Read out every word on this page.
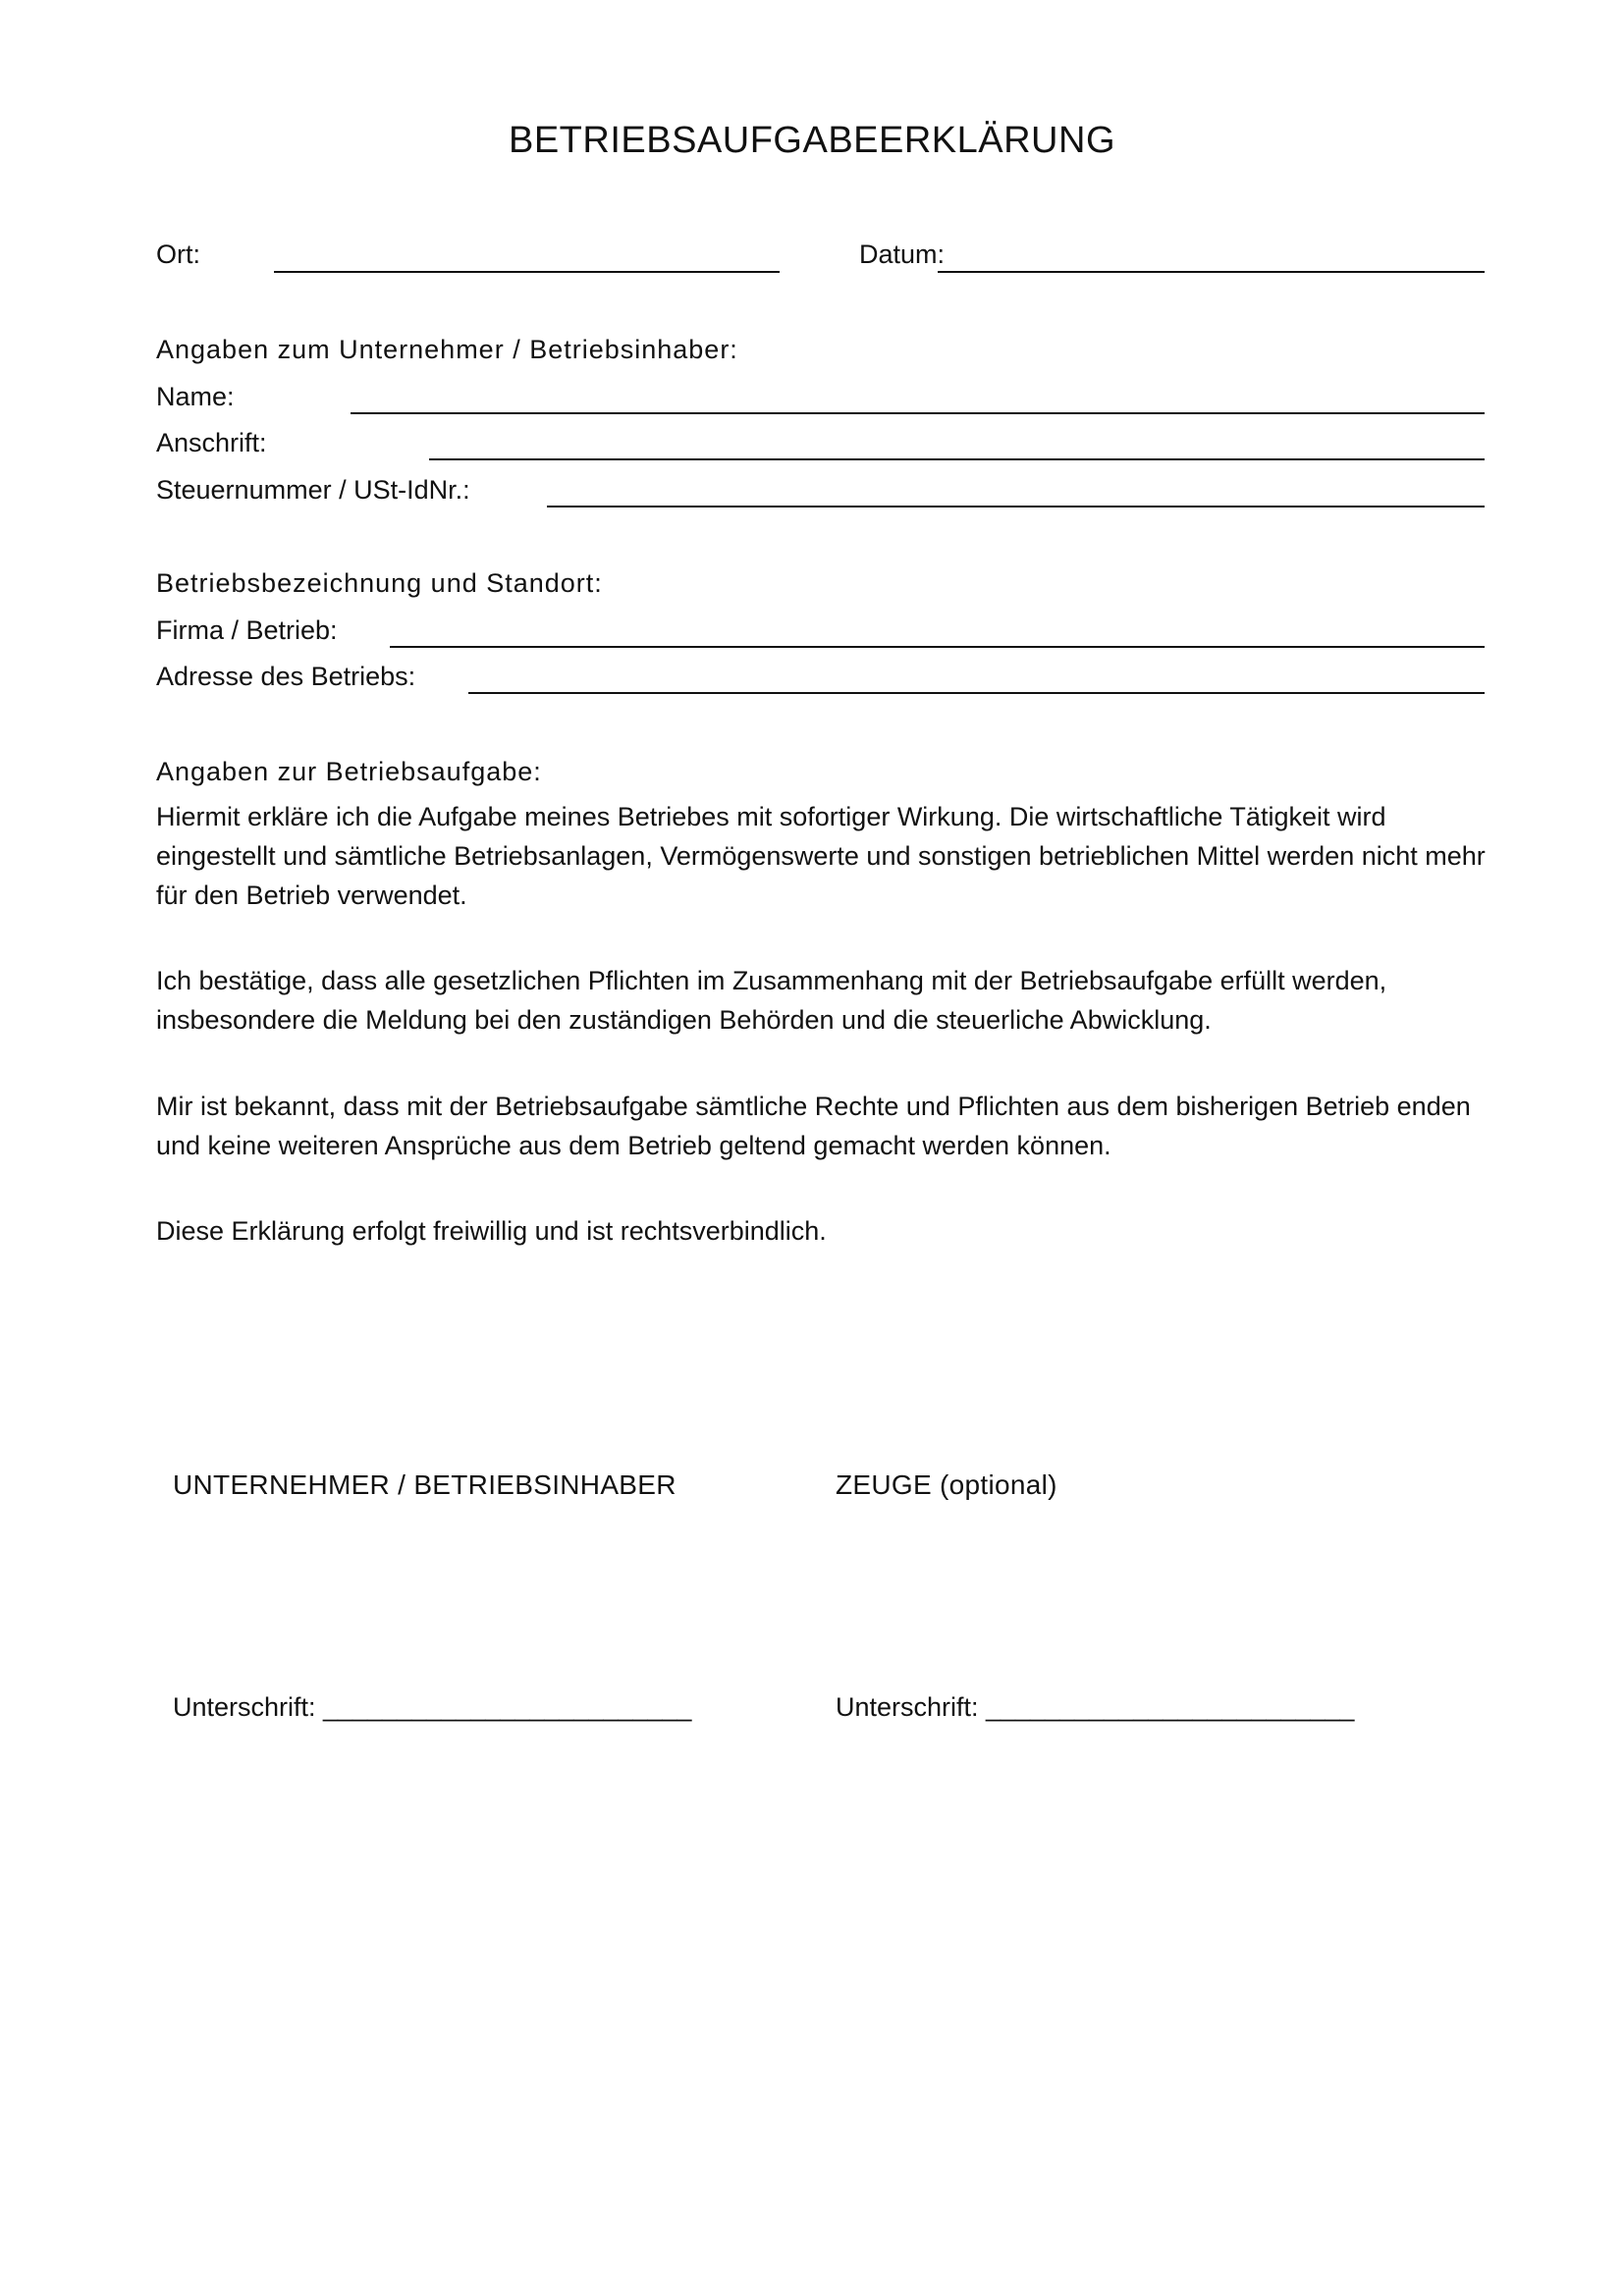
BETRIEBSAUFGABEERKLÄRUNG
Ort:	Datum:
Angaben zum Unternehmer / Betriebsinhaber:
Name:
Anschrift:
Steuernummer / USt-IdNr.:
Betriebsbezeichnung und Standort:
Firma / Betrieb:
Adresse des Betriebs:
Angaben zur Betriebsaufgabe:
Hiermit erkläre ich die Aufgabe meines Betriebes mit sofortiger Wirkung. Die wirtschaftliche Tätigkeit wird eingestellt und sämtliche Betriebsanlagen, Vermögenswerte und sonstigen betrieblichen Mittel werden nicht mehr für den Betrieb verwendet.
Ich bestätige, dass alle gesetzlichen Pflichten im Zusammenhang mit der Betriebsaufgabe erfüllt werden, insbesondere die Meldung bei den zuständigen Behörden und die steuerliche Abwicklung.
Mir ist bekannt, dass mit der Betriebsaufgabe sämtliche Rechte und Pflichten aus dem bisherigen Betrieb enden und keine weiteren Ansprüche aus dem Betrieb geltend gemacht werden können.
Diese Erklärung erfolgt freiwillig und ist rechtsverbindlich.
UNTERNEHMER / BETRIEBSINHABER	ZEUGE (optional)
Unterschrift: _________________________	Unterschrift: _________________________
